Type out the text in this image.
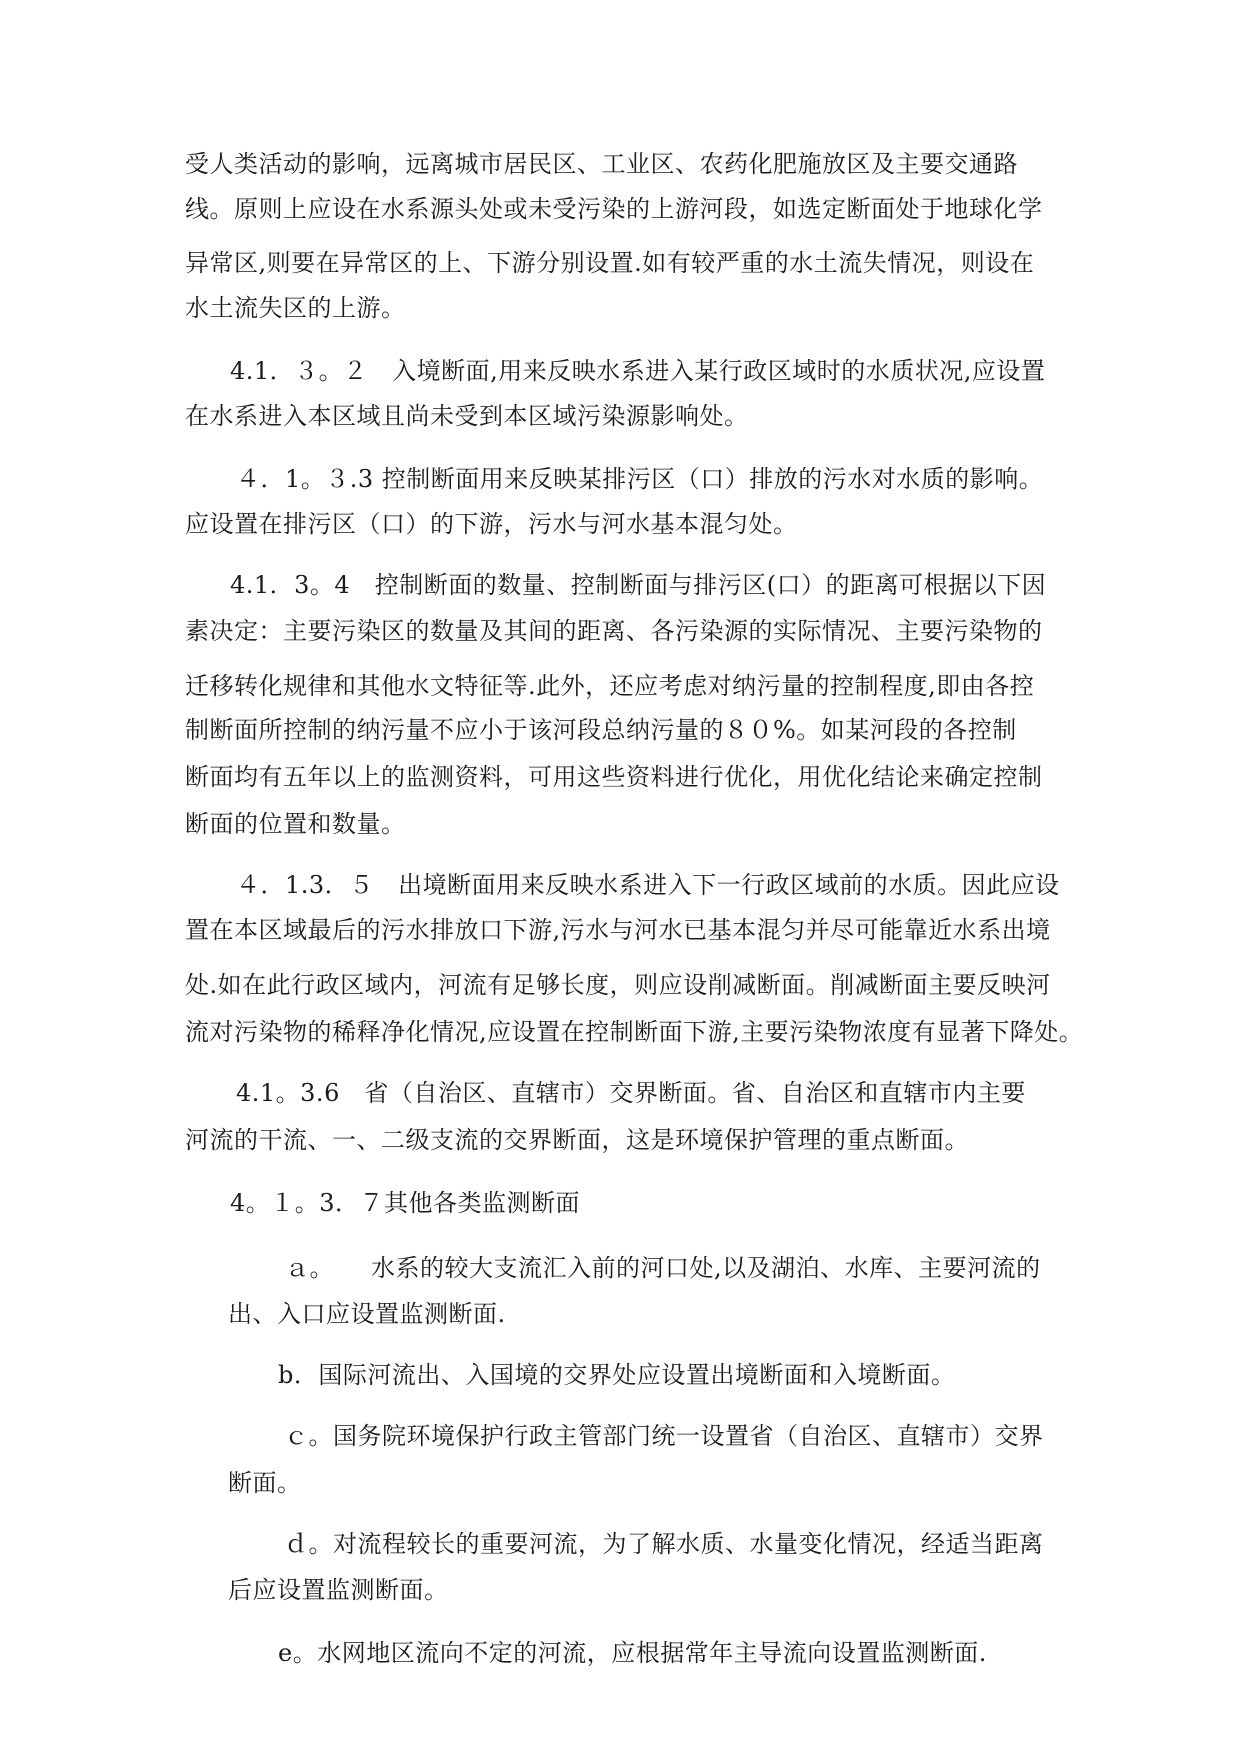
受人类活动的影响，远离城市居民区、工业区、农药化肥施放区及主要交通路
线。原则上应设在水系源头处或未受污染的上游河段，如选定断面处于地球化学
异常区,则要在异常区的上、下游分别设置.如有较严重的水土流失情况，则设在
水土流失区的上游。
4.1．３。２　入境断面,用来反映水系进入某行政区域时的水质状况,应设置
在水系进入本区域且尚未受到本区域污染源影响处。
４．1。３.3 控制断面用来反映某排污区（口）排放的污水对水质的影响。
应设置在排污区（口）的下游，污水与河水基本混匀处。
4.1．3。4　控制断面的数量、控制断面与排污区(口）的距离可根据以下因
素决定：主要污染区的数量及其间的距离、各污染源的实际情况、主要污染物的
迁移转化规律和其他水文特征等.此外，还应考虑对纳污量的控制程度,即由各控
制断面所控制的纳污量不应小于该河段总纳污量的８０%。如某河段的各控制
断面均有五年以上的监测资料，可用这些资料进行优化，用优化结论来确定控制
断面的位置和数量。
４．1.3．５　出境断面用来反映水系进入下一行政区域前的水质。因此应设
置在本区域最后的污水排放口下游,污水与河水已基本混匀并尽可能靠近水系出境
处.如在此行政区域内，河流有足够长度，则应设削减断面。削减断面主要反映河
流对污染物的稀释净化情况,应设置在控制断面下游,主要污染物浓度有显著下降处。
4.1。3.6　省（自治区、直辖市）交界断面。省、自治区和直辖市内主要
河流的干流、一、二级支流的交界断面，这是环境保护管理的重点断面。
4。１。3．７其他各类监测断面
ａ。　　水系的较大支流汇入前的河口处,以及湖泊、水库、主要河流的
出、入口应设置监测断面.
b．国际河流出、入国境的交界处应设置出境断面和入境断面。
ｃ。国务院环境保护行政主管部门统一设置省（自治区、直辖市）交界
断面。
ｄ。对流程较长的重要河流，为了解水质、水量变化情况，经适当距离
后应设置监测断面。
e。水网地区流向不定的河流，应根据常年主导流向设置监测断面.
